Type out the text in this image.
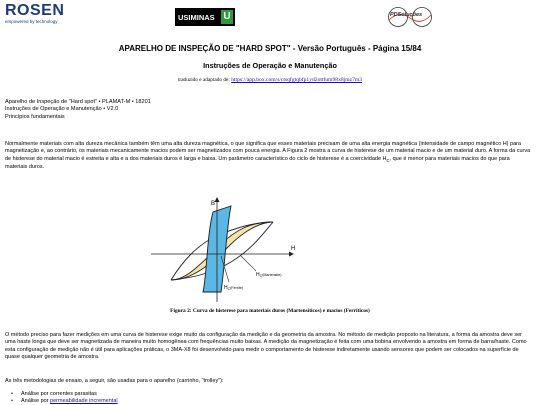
ROSEN
empowered by technology	USIMINAS U	PDSoluções
APARELHO DE INSPEÇÃO DE "HARD SPOT" - Versão Português - Página 15/84
Instruções de Operação e Manutenção
traduzido e adaptado de: https://app.box.com/s/ctsqfgtqbfp1yd2ottfum98x8jmz7m3
Aparelho de Inspeção de "Hard spot" • PLAMAT-M • 18201
Instruções de Operação e Manutenção • V2.0
Princípios fundamentais

Normalmente materiais com alta dureza mecânica também têm uma alta dureza magnética, o que significa que esses materiais precisam de uma alta energia magnética (intensidade de campo magnético H) para magnetização e, ao contrário, os materiais mecanicamente macios podem ser magnetizados com pouca energia. A Figura 2 mostra a curva de histerese de um material macio e de um material duro. A forma da curva de histerese do material macio é estreita e alta e a dos materiais duros é larga e baixa. Um parâmetro característico do ciclo de histerese é a coercividade $H_C$, que é menor para materiais macios do que para materiais duros.

B
H
$H_C^{(Martensite)}$
$H_C^{(Ferrite)}$
Figura 2: Curva de histerese para materiais duros (Martensíticos) e macios (Ferríticos)

O método preciso para fazer medições em uma curva de histerese exige muito da configuração da medição e da geometria da amostra. No método de medição proposto na literatura, a forma da amostra deve ser uma haste longa que deve ser magnetizada de maneira muito homogênea com frequências muito baixas. A medição da magnetização é feita com uma bobina envolvendo a amostra em forma de barra/haste. Como esta configuração de medição não é útil para aplicações práticas, o 3MA-X8 foi desenvolvido para medir o comportamento de histerese indiretamente usando sensores que podem ser colocados na superfície de quase qualquer geometria de amostra.

As três metodologias de ensaio, a seguir, são usadas para o aparelho (carrinho, "trolley"):

• Análise por correntes parasitas
• Análise por permeabilidade incremental
